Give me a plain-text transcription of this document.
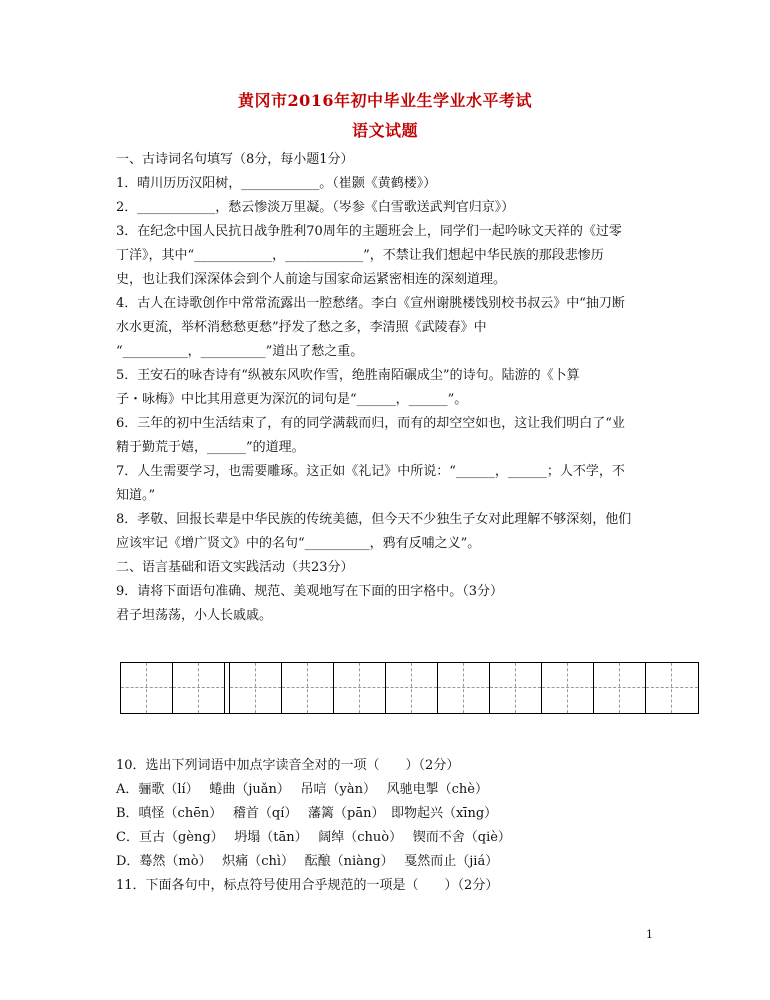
黄冈市2016年初中毕业生学业水平考试
语文试题
一、古诗词名句填写（8分，每小题1分）
1．晴川历历汉阳树，____________。（崔颢《黄鹤楼》）
2．____________，愁云惨淡万里凝。（岑参《白雪歌送武判官归京》）
3．在纪念中国人民抗日战争胜利70周年的主题班会上，同学们一起吟咏文天祥的《过零
丁洋》，其中“____________，____________”，不禁让我们想起中华民族的那段悲惨历
史，也让我们深深体会到个人前途与国家命运紧密相连的深刻道理。
4．古人在诗歌创作中常常流露出一腔愁绪。李白《宣州谢朓楼饯别校书叔云》中“抽刀断
水水更流，举杯消愁愁更愁”抒发了愁之多，李清照《武陵春》中
“__________，__________”道出了愁之重。
5．王安石的咏杏诗有“纵被东风吹作雪，绝胜南陌碾成尘”的诗句。陆游的《卜算
子・咏梅》中比其用意更为深沉的词句是“______，______”。
6．三年的初中生活结束了，有的同学满载而归，而有的却空空如也，这让我们明白了“业
精于勤荒于嬉，______”的道理。
7．人生需要学习，也需要雕琢。这正如《礼记》中所说：“______，______；人不学，不
知道。”
8．孝敬、回报长辈是中华民族的传统美德，但今天不少独生子女对此理解不够深刻，他们
应该牢记《增广贤文》中的名句“__________，鸦有反哺之义”。
二、语言基础和语文实践活动（共23分）
9．请将下面语句准确、规范、美观地写在下面的田字格中。（3分）
君子坦荡荡，小人长戚戚。
10．选出下列词语中加点字读音全对的一项（　　）（2分）
A．骊歌（lí）　 蜷曲（juǎn）　 吊唁（yàn）　 风驰电掣（chè）
B．嗔怪（chēn）　 稽首（qí）　 藩篱（pān）　即物起兴（xīng）
C．亘古（gèng）　 坍塌（tān）　 阔绰（chuò）　 锲而不舍（qiè）
D．蓦然（mò）　 炽痛（chì）　 酝酿（niàng）　 戛然而止（jiá）
11．下面各句中，标点符号使用合乎规范的一项是（　　）（2分）
1
